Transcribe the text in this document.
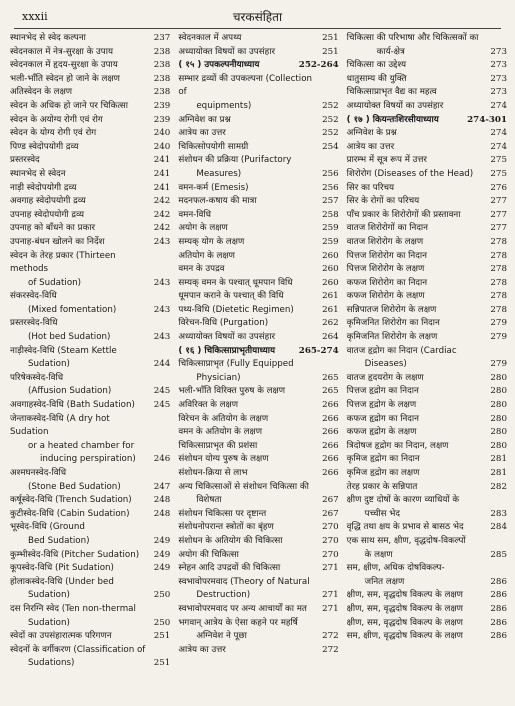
xxxii	चरकसंहिता
स्थानभेद से स्वेद कल्पना	237
स्वेदनकाल में नेत्र-सुरक्षा के उपाय	238
स्वेदनकाल में हृदय-सुरक्षा के उपाय	238
भली-भाँति स्वेदन हो जाने के लक्षण	238
अतिस्वेदन के लक्षण	238
स्वेदन के अधिक हो जाने पर चिकित्सा	239
स्वेदन के अयोग्य रोगी एवं रोग	239
स्वेदन के योग्य रोगी एवं रोग	240
पिण्ड स्वेदोपयोगी द्रव्य	240
प्रस्तरस्वेद	241
स्थानभेद से स्वेदन	241
नाड़ी स्वेदोपयोगी द्रव्य	241
अवगाह स्वेदोपयोगी द्रव्य	242
उपनाह स्वेदोपयोगी द्रव्य	242
उपनाह को बाँधने का प्रकार	242
उपनाह-बंधन खोलने का निर्देश	243
स्वेदन के तेरह प्रकार (Thirteen methods
of Sudation)	243
संकरस्वेद-विधि
(Mixed fomentation)	243
प्रस्तरस्वेद-विधि
(Hot bed Sudation)	243
नाड़ीस्वेद-विधि (Steam Kettle
Sudation)	244
परिषेकस्वेद-विधि
(Affusion Sudation)	245
अवगाहस्वेद-विधि (Bath Sudation)	245
जेन्ताकस्वेद-विधि (A dry hot Sudation
or a heated chamber for
inducing perspiration)	246
अश्मघनस्वेद-विधि
(Stone Bed Sudation)	247
कर्षूस्वेद-विधि (Trench Sudation)	248
कुटीस्वेद-विधि (Cabin Sudation)	248
भूस्वेद-विधि (Ground
Bed Sudation)	249
कुम्भीस्वेद-विधि (Pitcher Sudation)	249
कूपस्वेद-विधि (Pit Sudation)	249
होलाकस्वेद-विधि (Under bed
Sudation)	250
दस निरग्नि स्वेद (Ten non-thermal
Sudation)	250
स्वेदों का उपसंहारात्मक परिगणन	251
स्वेदनों के वर्गीकरण (Classification of
Sudations)	251
स्वेदनकाल में अपथ्य	251
अध्यायोक्त विषयों का उपसंहार	251
( १५ ) उपकल्पनीयाध्याय	252-264
सम्भार द्रव्यों की उपकल्पना (Collection of
equipments)	252
अग्निवेश का प्रश्न	252
आत्रेय का उत्तर	252
चिकित्सोपयोगी सामग्री	254
संशोधन की प्रक्रिया (Purifactory
Measures)	256
वमन-कर्म (Emesis)	256
मदनफल-कषाय की मात्रा	257
वमन-विधि	258
अयोग के लक्षण	259
सम्यक् योग के लक्षण	259
अतियोग के लक्षण	260
वमन के उपद्रव	260
सम्यक् वमन के पश्चात् धूमपान विधि	260
धूमपान कराने के पश्चात् की विधि	261
पथ्य-विधि (Dietetic Regimen)	261
विरेचन-विधि (Purgation)	262
अध्यायोक्त विषयों का उपसंहार	264
( १६ ) चिकित्साप्राभृतीयाध्याय	265-274
चिकित्साप्राभृत (Fully Equipped
Physician)	265
भली-भाँति विरिक्त पुरुष के लक्षण	265
अविरिक्त के लक्षण	266
विरेचन के अतियोग के लक्षण	266
वमन के अतियोग के लक्षण	266
चिकित्साप्राभृत की प्रशंसा	266
संशोधन योग्य पुरुष के लक्षण	266
संशोधन-क्रिया से लाभ	266
अन्य चिकित्साओं से संशोधन चिकित्सा की
विशेषता	267
संशोधन चिकित्सा पर दृष्टान्त	267
संशोधनोपरान्त स्त्रोतों का बृंहण	270
संशोधन के अतियोग की चिकित्सा	270
अयोग की चिकित्सा	270
स्नेहन आदि उपद्रवों की चिकित्सा	271
स्वभावोपरमवाद (Theory of Natural
Destruction)	271
स्वभावोपरमवाद पर अन्य आचार्यों का मत	271
भगवान् आत्रेय के ऐसा कहने पर महर्षि
अग्निवेश ने पूछा	272
आत्रेय का उत्तर	272
चिकित्सा की परिभाषा और चिकित्सकों का
कार्य-क्षेत्र	273
चिकित्सा का उद्देश्य	273
धातुसाम्य की युक्ति	273
चिकित्साप्राभृत वैद्य का महत्व	273
अध्यायोक्त विषयों का उपसंहार	274
( १७ ) कियन्तःशिरसीयाध्याय	274-301
अग्निवेश के प्रश्न	274
आत्रेय का उत्तर	274
प्रारम्भ में सूत्र रूप में उत्तर	275
शिरोरोग (Diseases of the Head)	275
सिर का परिचय	276
सिर के रोगों का परिचय	277
पाँच प्रकार के शिरोरोगों की प्रस्तावना	277
वातज शिरोरोगों का निदान	277
वातज शिरोरोग के लक्षण	278
पित्तज शिरोरोग का निदान	278
पित्तज शिरोरोग के लक्षण	278
कफज शिरोरोग का निदान	278
कफज शिरोरोग के लक्षण	278
सन्निपातज शिरोरोग के लक्षण	278
कृमिजनित शिरोरोग का निदान	279
कृमिजनित शिरोरोग के लक्षण	279
वातज हृद्रोग का निदान (Cardiac
Diseases)	279
वातज हृदयरोग के लक्षण	280
पित्तज हृद्रोग का निदान	280
पित्तज हृद्रोग के लक्षण	280
कफज हृद्रोग का निदान	280
कफज हृद्रोग के लक्षण	280
त्रिदोषज हृद्रोग का निदान, लक्षण	280
कृमिज हृद्रोग का निदान	281
कृमिज हृद्रोग का लक्षण	281
तेरह प्रकार के सन्निपात	282
क्षीण दुष्ट दोषों के कारण व्याधियों के
पच्चीस भेद	283
वृद्धि तथा क्षय के प्रभाव से बासठ भेद	284
एक साथ सम, क्षीण, वृद्धदोष-विकल्पों
के लक्षण	285
सम, क्षीण, अधिक दोषविकल्प-
जनित लक्षण	286
क्षीण, सम, वृद्धदोष विकल्प के लक्षण	286
क्षीण, सम, वृद्धदोष विकल्प के लक्षण	286
क्षीण, सम, वृद्धदोष विकल्प के लक्षण	286
सम, क्षीण, वृद्धदोष विकल्प के लक्षण	286
